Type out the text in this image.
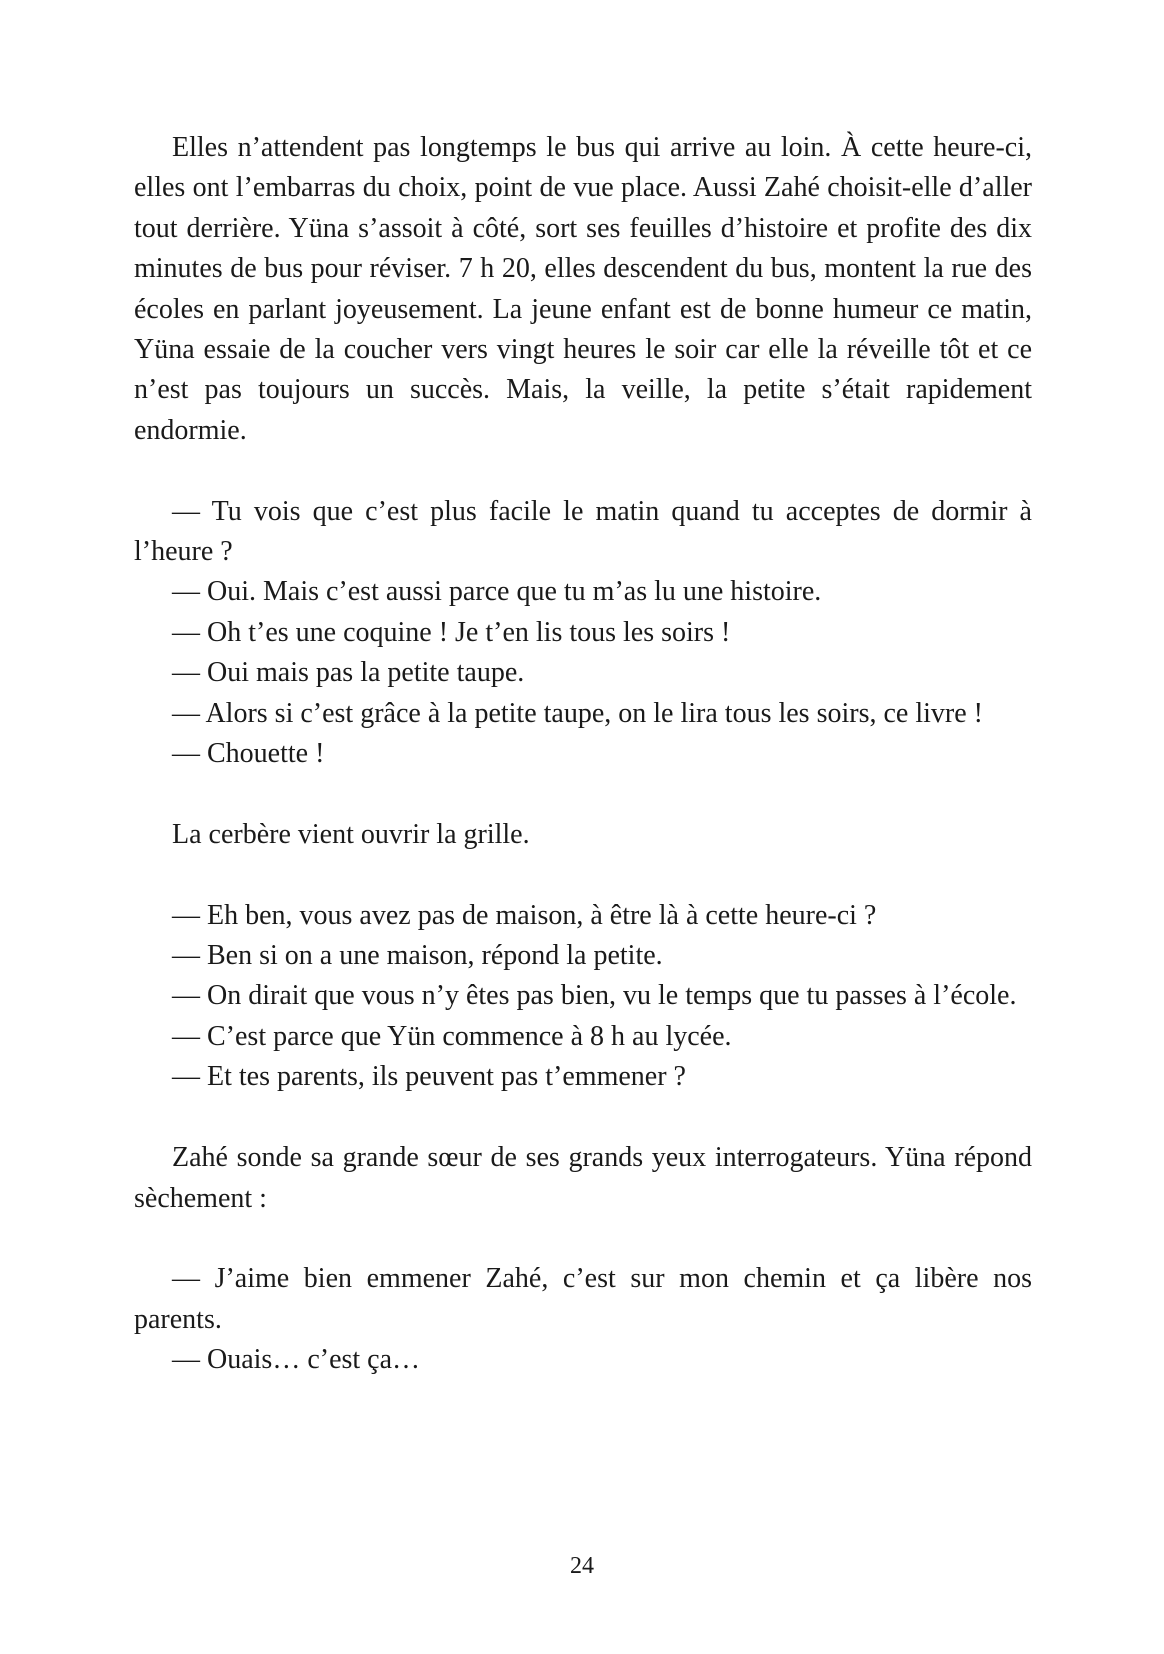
Elles n’attendent pas longtemps le bus qui arrive au loin. À cette heure-ci, elles ont l’embarras du choix, point de vue place. Aussi Zahé choisit-elle d’aller tout derrière. Yüna s’assoit à côté, sort ses feuilles d’histoire et profite des dix minutes de bus pour réviser. 7 h 20, elles descendent du bus, montent la rue des écoles en parlant joyeusement. La jeune enfant est de bonne humeur ce matin, Yüna essaie de la coucher vers vingt heures le soir car elle la réveille tôt et ce n’est pas toujours un succès. Mais, la veille, la petite s’était rapidement endormie.

— Tu vois que c’est plus facile le matin quand tu acceptes de dormir à l’heure ?

— Oui. Mais c’est aussi parce que tu m’as lu une histoire.

— Oh t’es une coquine ! Je t’en lis tous les soirs !

— Oui mais pas la petite taupe.

— Alors si c’est grâce à la petite taupe, on le lira tous les soirs, ce livre !

— Chouette !

La cerbère vient ouvrir la grille.

— Eh ben, vous avez pas de maison, à être là à cette heure-ci ?

— Ben si on a une maison, répond la petite.

— On dirait que vous n’y êtes pas bien, vu le temps que tu passes à l’école.

— C’est parce que Yün commence à 8 h au lycée.

— Et tes parents, ils peuvent pas t’emmener ?

Zahé sonde sa grande sœur de ses grands yeux interrogateurs. Yüna répond sèchement :

— J’aime bien emmener Zahé, c’est sur mon chemin et ça libère nos parents.

— Ouais… c’est ça…

24
